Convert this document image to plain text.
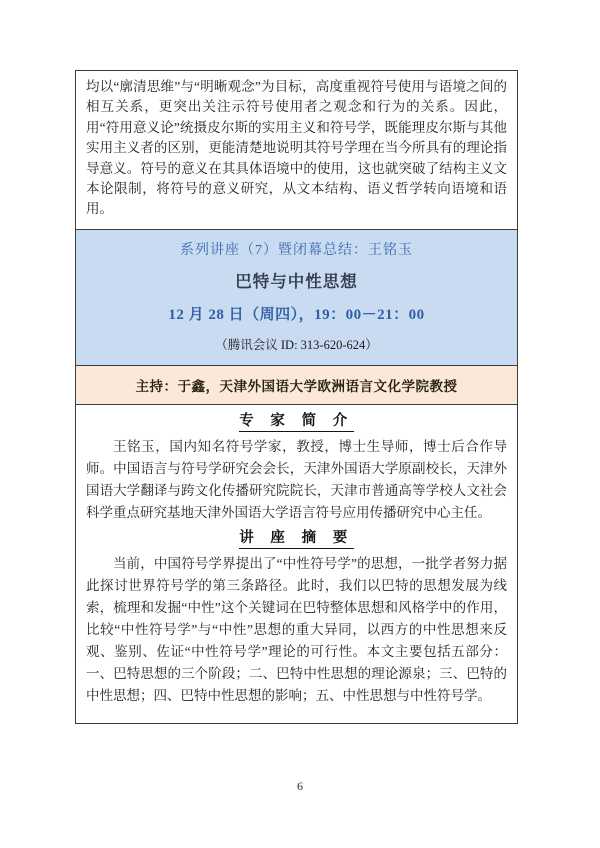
均以“廓清思维”与“明晰观念”为目标，高度重视符号使用与语境之间的相互关系，更突出关注示符号使用者之观念和行为的关系。因此，用“符用意义论”统摄皮尔斯的实用主义和符号学，既能理皮尔斯与其他实用主义者的区别，更能清楚地说明其符号学理在当今所具有的理论指导意义。符号的意义在其具体语境中的使用，这也就突破了结构主义文本论限制，将符号的意义研究，从文本结构、语义哲学转向语境和语用。
系列讲座（7）暨闭幕总结：王铭玉
巴特与中性思想
12 月 28 日（周四），19：00－21：00
（腾讯会议 ID: 313-620-624）
主持：于鑫，天津外国语大学欧洲语言文化学院教授
专 家 简 介

王铭玉，国内知名符号学家，教授，博士生导师，博士后合作导师。中国语言与符号学研究会会长，天津外国语大学原副校长，天津外国语大学翻译与跨文化传播研究院院长，天津市普通高等学校人文社会科学重点研究基地天津外国语大学语言符号应用传播研究中心主任。

讲 座 摘 要

当前，中国符号学界提出了“中性符号学”的思想，一批学者努力据此探讨世界符号学的第三条路径。此时，我们以巴特的思想发展为线索，梳理和发掘“中性”这个关键词在巴特整体思想和风格学中的作用，比较“中性符号学”与“中性”思想的重大异同，以西方的中性思想来反观、鉴别、佐证“中性符号学”理论的可行性。本文主要包括五部分：一、巴特思想的三个阶段；二、巴特中性思想的理论源泉；三、巴特的中性思想；四、巴特中性思想的影响；五、中性思想与中性符号学。

6
